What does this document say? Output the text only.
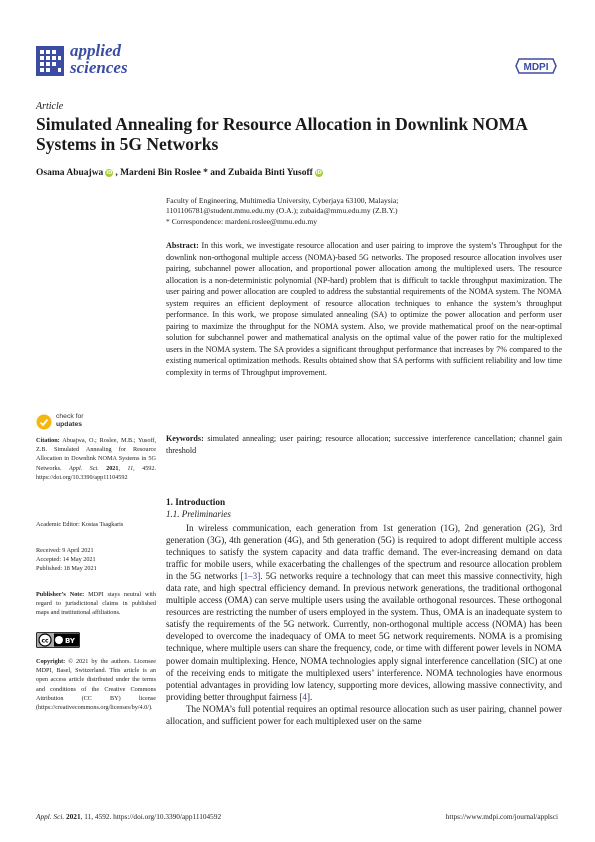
applied
sciences	MDPI
Article
Simulated Annealing for Resource Allocation in Downlink NOMA Systems in 5G Networks
Osama Abuajwa iD , Mardeni Bin Roslee * and Zubaida Binti Yusoff iD
Faculty of Engineering, Multimedia University, Cyberjaya 63100, Malaysia;
1101106781@student.mmu.edu.my (O.A.); zubaida@mmu.edu.my (Z.B.Y.)
* Correspondence: mardeni.roslee@mmu.edu.my
Abstract: In this work, we investigate resource allocation and user pairing to improve the system’s Throughput for the downlink non-orthogonal multiple access (NOMA)-based 5G networks. The proposed resource allocation involves user pairing, subchannel power allocation, and proportional power allocation among the multiplexed users. The resource allocation is a non-deterministic polynomial (NP-hard) problem that is difficult to tackle throughput maximization. The user pairing and power allocation are coupled to address the substantial requirements of the NOMA system. The NOMA system requires an efficient deployment of resource allocation techniques to enhance the system’s throughput performance. In this work, we propose simulated annealing (SA) to optimize the power allocation and perform user pairing to maximize the throughput for the NOMA system. Also, we provide mathematical proof on the near-optimal solution for subchannel power and mathematical analysis on the optimal value of the power ratio for the multiplexed users in the NOMA system. The SA provides a significant throughput performance that increases by 7% compared to the existing numerical optimization methods. Results obtained show that SA performs with sufficient reliability and low time complexity in terms of Throughput improvement.
Keywords: simulated annealing; user pairing; resource allocation; successive interference cancellation; channel gain threshold
check for
updates
Citation: Abuajwa, O.; Roslee, M.B.; Yusoff, Z.B. Simulated Annealing for Resource Allocation in Downlink NOMA Systems in 5G Networks. Appl. Sci. 2021, 11, 4592. https://doi.org/10.3390/app11104592
Academic Editor: Kostas Tsagkaris
Received: 9 April 2021
Accepted: 14 May 2021
Published: 18 May 2021
Publisher’s Note: MDPI stays neutral with regard to jurisdictional claims in published maps and institutional affiliations.
cc BY
Copyright: © 2021 by the authors. Licensee MDPI, Basel, Switzerland. This article is an open access article distributed under the terms and conditions of the Creative Commons Attribution (CC BY) license (https://creativecommons.org/licenses/by/4.0/).
1. Introduction
1.1. Preliminaries

In wireless communication, each generation from 1st generation (1G), 2nd generation (2G), 3rd generation (3G), 4th generation (4G), and 5th generation (5G) is required to adopt different multiple access techniques to satisfy the system capacity and data traffic demand. The ever-increasing demand on data traffic for mobile users, while exacerbating the challenges of the spectrum and resource allocation problem in the 5G networks [1–3]. 5G networks require a technology that can meet this massive connectivity, high data rate, and high spectral efficiency demand. In previous network generations, the traditional orthogonal multiple access (OMA) can serve multiple users using the available orthogonal resources. These orthogonal resources are restricting the number of users employed in the system. Thus, OMA is an inadequate system to satisfy the requirements of the 5G network. Currently, non-orthogonal multiple access (NOMA) has been developed to overcome the inadequacy of OMA to meet 5G network requirements. NOMA is a promising technique, where multiple users can share the frequency, code, or time with different power levels in NOMA power domain multiplexing. Hence, NOMA technologies apply signal interference cancellation (SIC) at one of the receiving ends to mitigate the multiplexed users’ interference. NOMA technologies have enormous potential advantages in providing low latency, supporting more devices, allowing massive connectivity, and providing better throughput fairness [4].

The NOMA’s full potential requires an optimal resource allocation such as user pairing, channel power allocation, and sufficient power for each multiplexed user on the same

Appl. Sci. 2021, 11, 4592. https://doi.org/10.3390/app11104592	https://www.mdpi.com/journal/applsci
